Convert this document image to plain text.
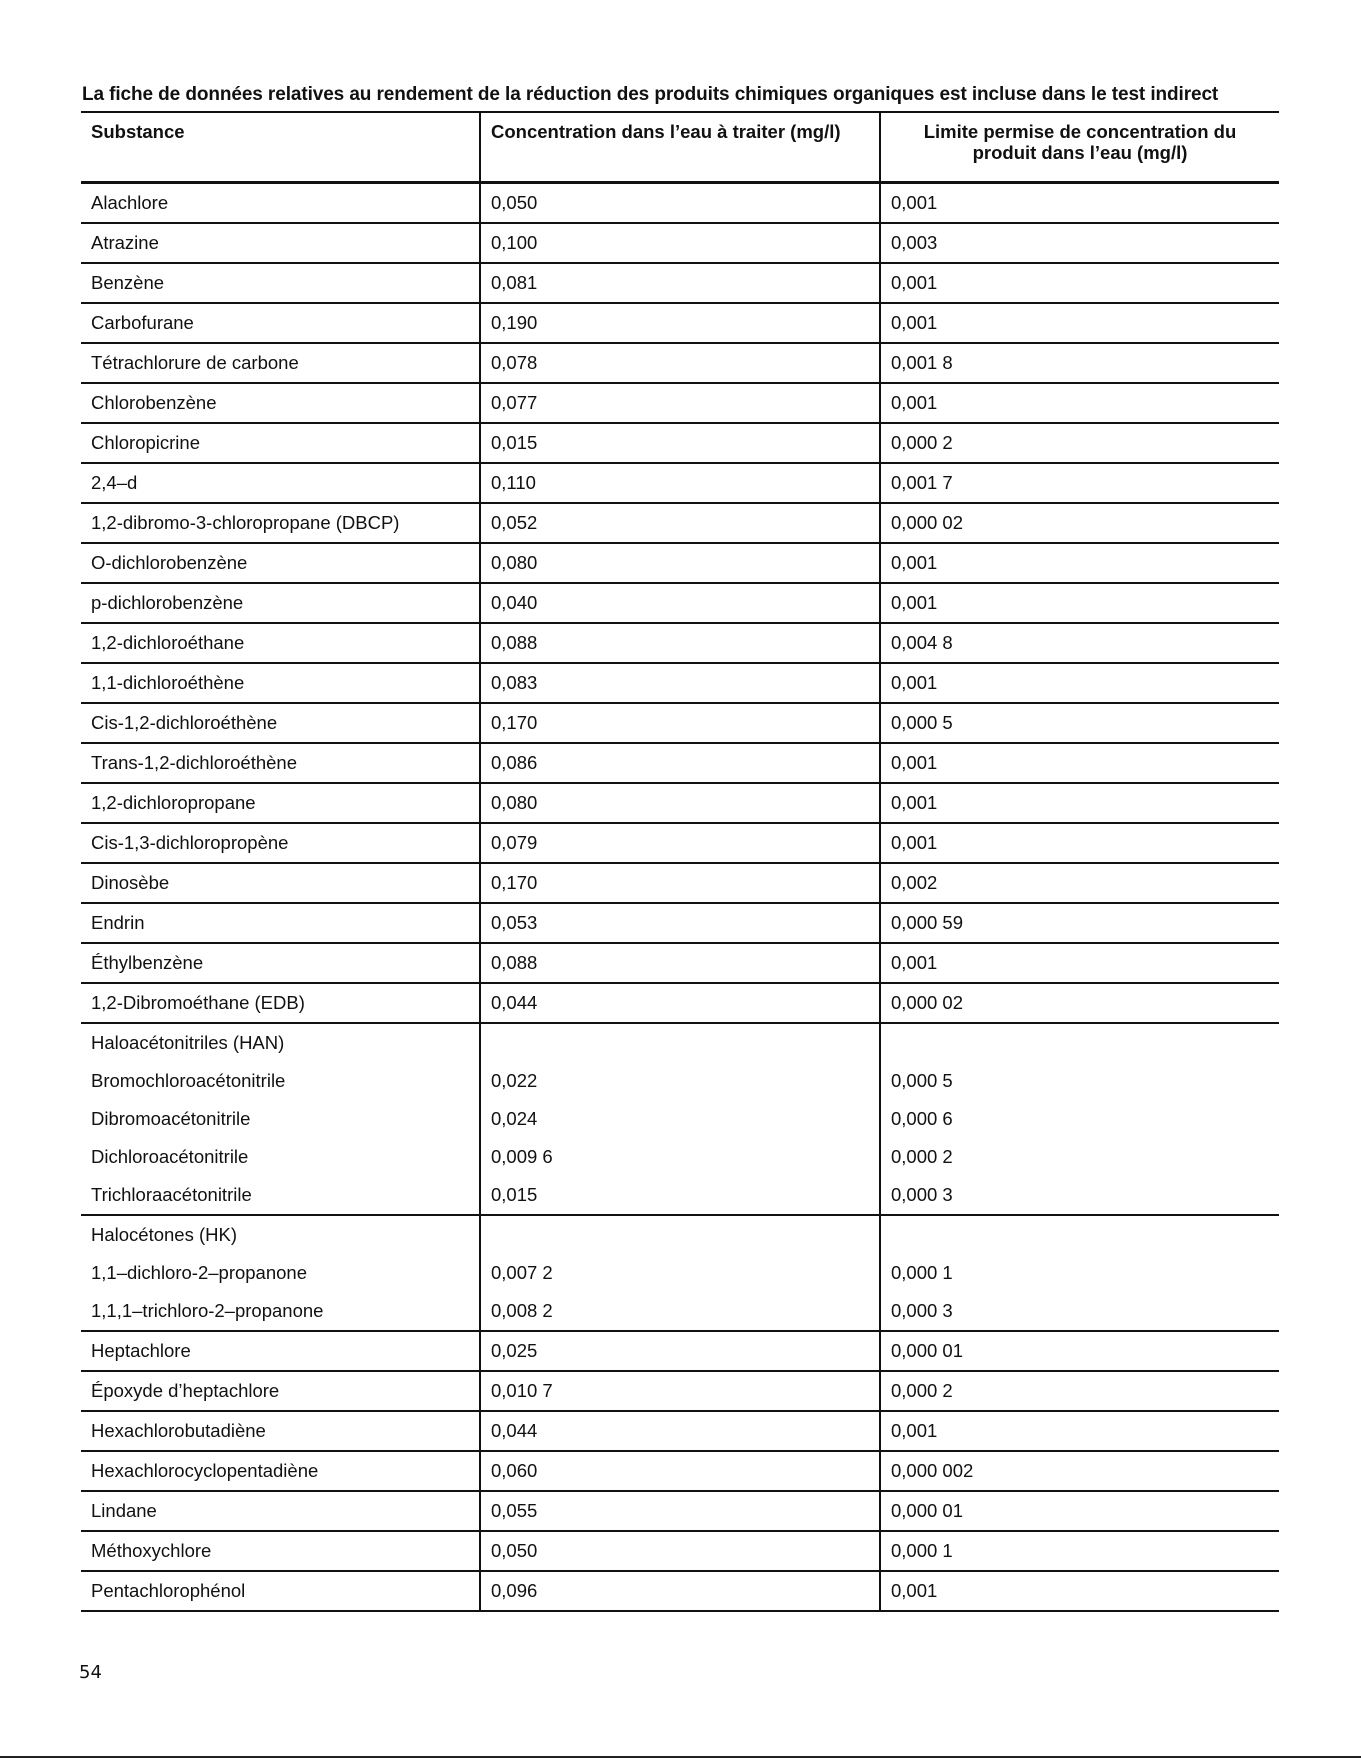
La fiche de données relatives au rendement de la réduction des produits chimiques organiques est incluse dans le test indirect
Substance	Concentration dans l’eau à traiter (mg/l)	Limite permise de concentration du produit dans l’eau (mg/l)
Alachlore	0,050	0,001
Atrazine	0,100	0,003
Benzène	0,081	0,001
Carbofurane	0,190	0,001
Tétrachlorure de carbone	0,078	0,001 8
Chlorobenzène	0,077	0,001
Chloropicrine	0,015	0,000 2
2,4–d	0,110	0,001 7
1,2-dibromo-3-chloropropane (DBCP)	0,052	0,000 02
O-dichlorobenzène	0,080	0,001
p-dichlorobenzène	0,040	0,001
1,2-dichloroéthane	0,088	0,004 8
1,1-dichloroéthène	0,083	0,001
Cis-1,2-dichloroéthène	0,170	0,000 5
Trans-1,2-dichloroéthène	0,086	0,001
1,2-dichloropropane	0,080	0,001
Cis-1,3-dichloropropène	0,079	0,001
Dinosèbe	0,170	0,002
Endrin	0,053	0,000 59
Éthylbenzène	0,088	0,001
1,2-Dibromoéthane (EDB)	0,044	0,000 02
Haloacétonitriles (HAN)		
Bromochloroacétonitrile	0,022	0,000 5
Dibromoacétonitrile	0,024	0,000 6
Dichloroacétonitrile	0,009 6	0,000 2
Trichloraacétonitrile	0,015	0,000 3
Halocétones (HK)		
1,1–dichloro-2–propanone	0,007 2	0,000 1
1,1,1–trichloro-2–propanone	0,008 2	0,000 3
Heptachlore	0,025	0,000 01
Époxyde d’heptachlore	0,010 7	0,000 2
Hexachlorobutadiène	0,044	0,001
Hexachlorocyclopentadiène	0,060	0,000 002
Lindane	0,055	0,000 01
Méthoxychlore	0,050	0,000 1
Pentachlorophénol	0,096	0,001
54
